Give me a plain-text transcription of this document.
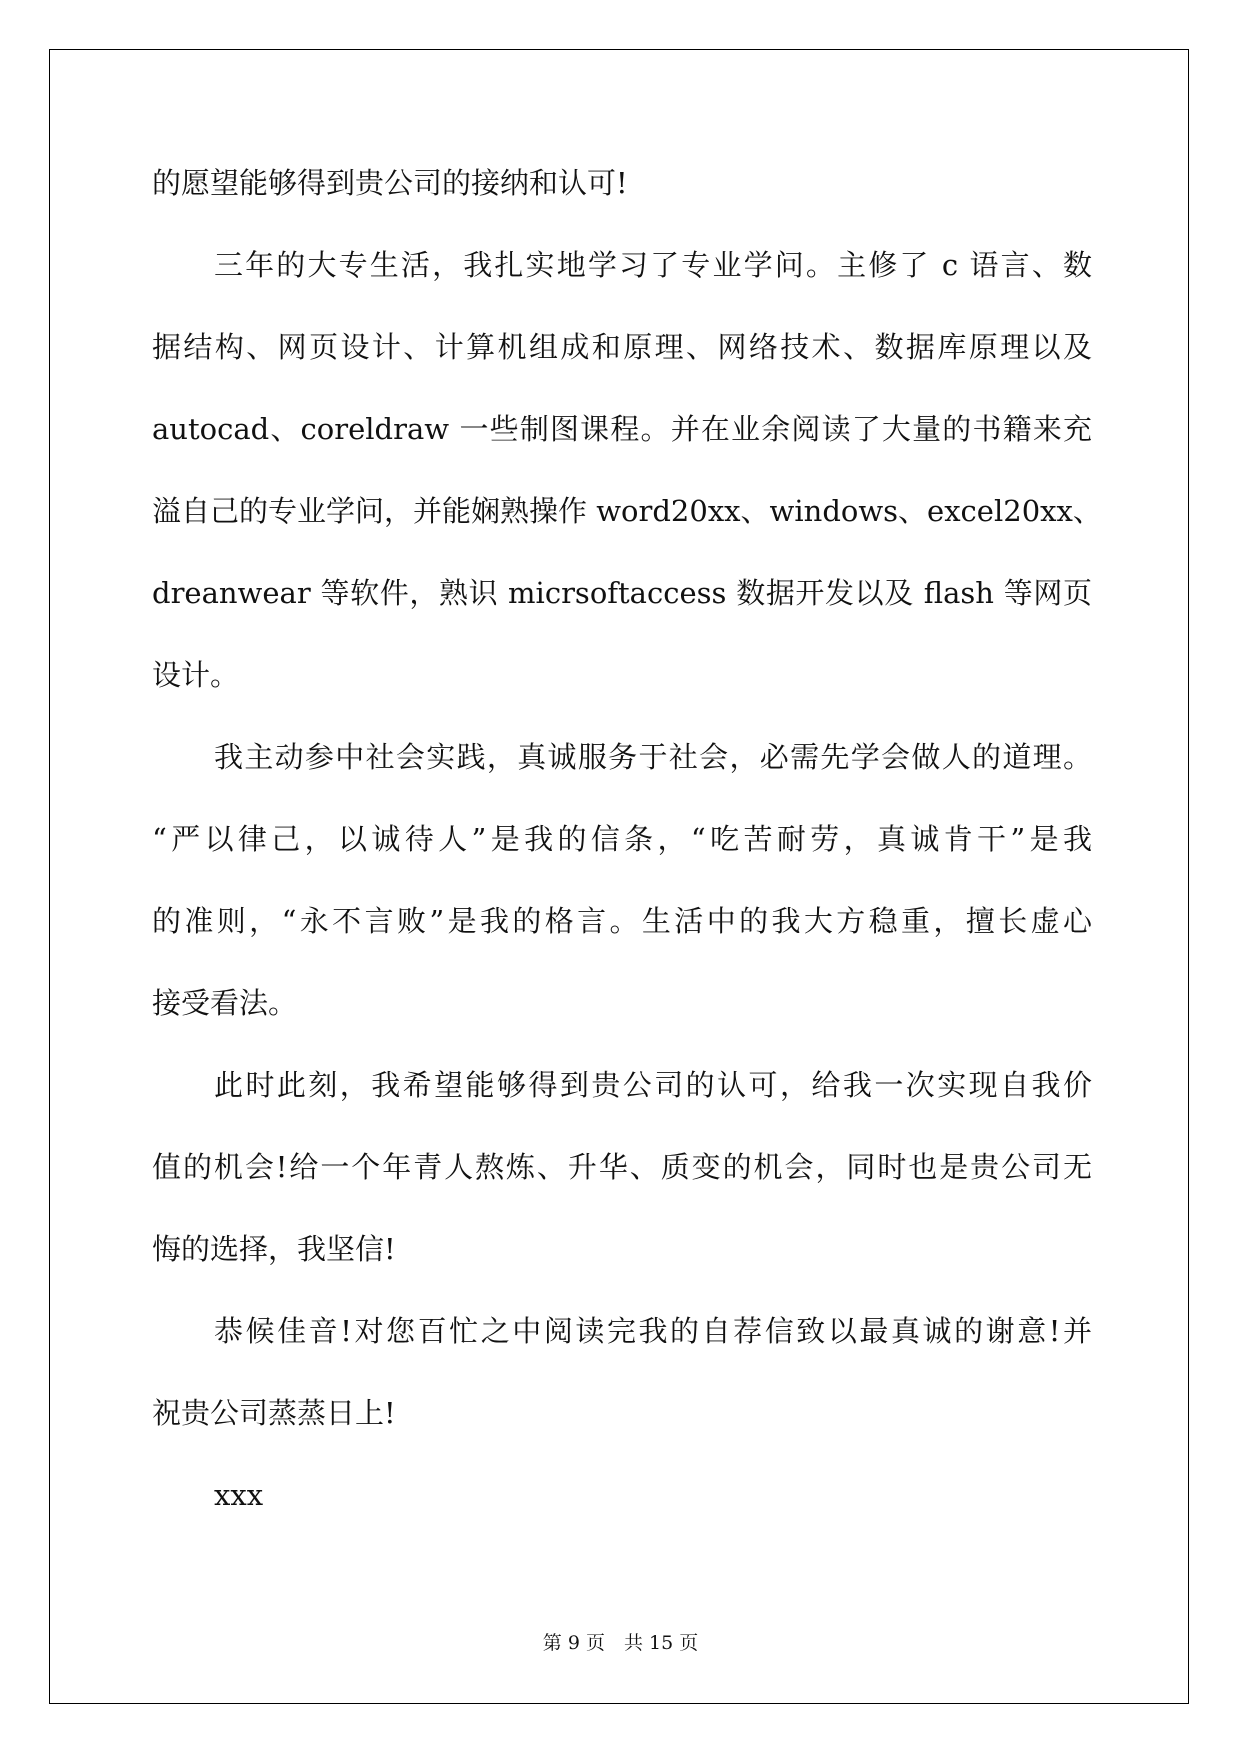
的愿望能够得到贵公司的接纳和认可!
三年的大专生活，我扎实地学习了专业学问。主修了 c 语言、数
据结构、网页设计、计算机组成和原理、网络技术、数据库原理以及
autocad、coreldraw 一些制图课程。并在业余阅读了大量的书籍来充
溢自己的专业学问，并能娴熟操作 word20xx、windows、excel20xx、
dreanwear 等软件，熟识 micrsoftaccess 数据开发以及 flash 等网页
设计。
我主动参中社会实践，真诚服务于社会，必需先学会做人的道理。
“严以律己，以诚待人”是我的信条，“吃苦耐劳，真诚肯干”是我
的准则，“永不言败”是我的格言。生活中的我大方稳重，擅长虚心
接受看法。
此时此刻，我希望能够得到贵公司的认可，给我一次实现自我价
值的机会!给一个年青人熬炼、升华、质变的机会，同时也是贵公司无
悔的选择，我坚信!
恭候佳音!对您百忙之中阅读完我的自荐信致以最真诚的谢意!并
祝贵公司蒸蒸日上!
xxx
第 9 页　共 15 页
